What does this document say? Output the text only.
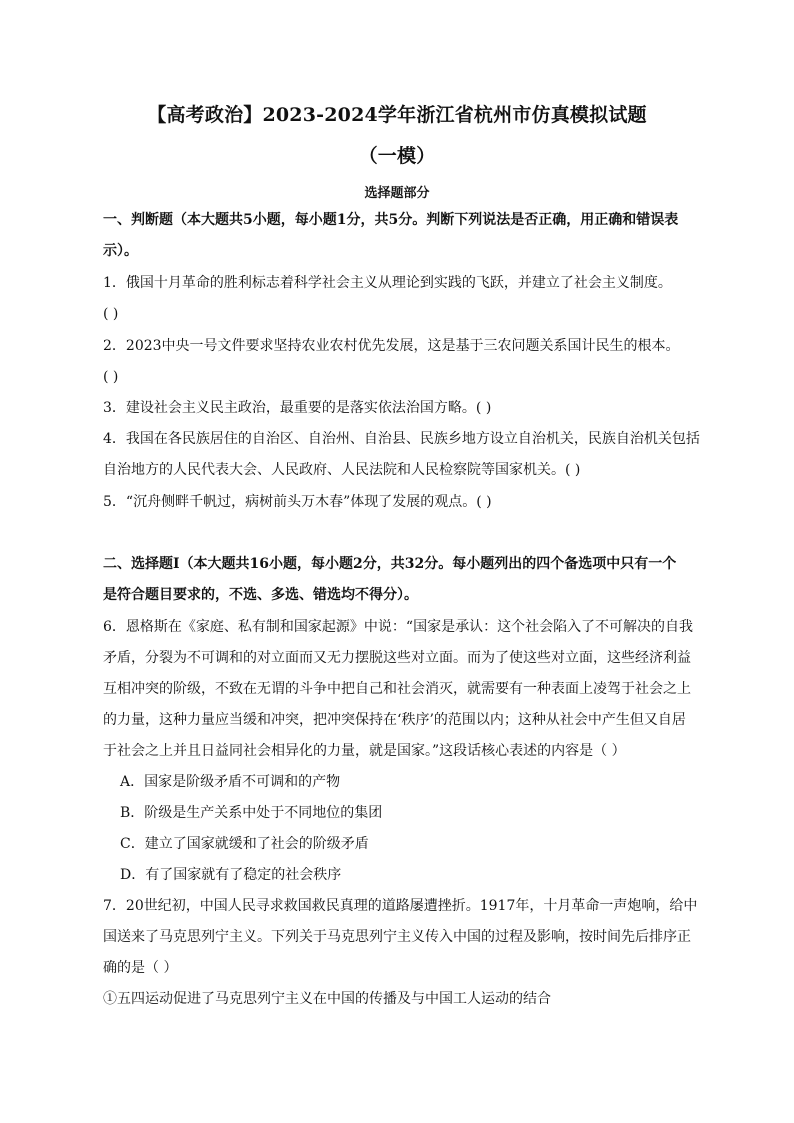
【高考政治】2023-2024学年浙江省杭州市仿真模拟试题
（一模）
选择题部分
一、判断题（本大题共5小题，每小题1分，共5分。判断下列说法是否正确，用正确和错误表
示）。
1．俄国十月革命的胜利标志着科学社会主义从理论到实践的飞跃，并建立了社会主义制度。
( )
2．2023中央一号文件要求坚持农业农村优先发展，这是基于三农问题关系国计民生的根本。
( )
3．建设社会主义民主政治，最重要的是落实依法治国方略。( )
4．我国在各民族居住的自治区、自治州、自治县、民族乡地方设立自治机关，民族自治机关包括
自治地方的人民代表大会、人民政府、人民法院和人民检察院等国家机关。( )
5．“沉舟侧畔千帆过，病树前头万木春”体现了发展的观点。( )
二、选择题Ⅰ（本大题共16小题，每小题2分，共32分。每小题列出的四个备选项中只有一个
是符合题目要求的，不选、多选、错选均不得分）。
6．恩格斯在《家庭、私有制和国家起源》中说：“国家是承认：这个社会陷入了不可解决的自我
矛盾，分裂为不可调和的对立面而又无力摆脱这些对立面。而为了使这些对立面，这些经济利益
互相冲突的阶级，不致在无谓的斗争中把自己和社会消灭，就需要有一种表面上凌驾于社会之上
的力量，这种力量应当缓和冲突，把冲突保持在‘秩序’的范围以内；这种从社会中产生但又自居
于社会之上并且日益同社会相异化的力量，就是国家。”这段话核心表述的内容是（ ）
A．国家是阶级矛盾不可调和的产物
B．阶级是生产关系中处于不同地位的集团
C．建立了国家就缓和了社会的阶级矛盾
D．有了国家就有了稳定的社会秩序
7．20世纪初，中国人民寻求救国救民真理的道路屡遭挫折。1917年，十月革命一声炮响，给中
国送来了马克思列宁主义。下列关于马克思列宁主义传入中国的过程及影响，按时间先后排序正
确的是（ ）
①五四运动促进了马克思列宁主义在中国的传播及与中国工人运动的结合
